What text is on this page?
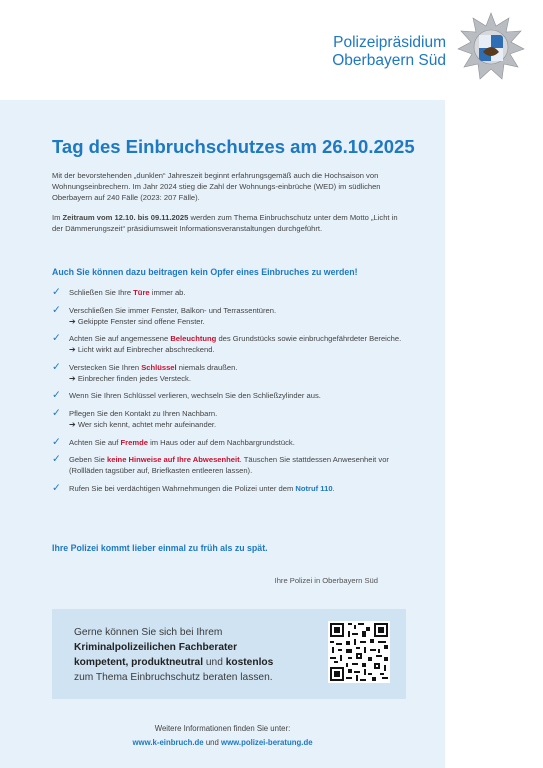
Polizeipräsidium
Oberbayern Süd
Tag des Einbruchschutzes am 26.10.2025

Mit der bevorstehenden „dunklen“ Jahreszeit beginnt erfahrungsgemäß auch die Hochsaison von Wohnungseinbrechern. Im Jahr 2024 stieg die Zahl der Wohnungs-einbrüche (WED) im südlichen Oberbayern auf 240 Fälle (2023: 207 Fälle).

Im Zeitraum vom 12.10. bis 09.11.2025 werden zum Thema Einbruchschutz unter dem Motto „Licht in der Dämmerungszeit“ präsidiumsweit Informationsveranstaltungen durchgeführt.

Auch Sie können dazu beitragen kein Opfer eines Einbruches zu werden!

✓ Schließen Sie Ihre Türe immer ab.
✓ Verschließen Sie immer Fenster, Balkon- und Terrassentüren.
➔ Gekippte Fenster sind offene Fenster.
✓ Achten Sie auf angemessene Beleuchtung des Grundstücks sowie einbruchgefährdeter Bereiche.
➔ Licht wirkt auf Einbrecher abschreckend.
✓ Verstecken Sie Ihren Schlüssel niemals draußen.
➔ Einbrecher finden jedes Versteck.
✓ Wenn Sie Ihren Schlüssel verlieren, wechseln Sie den Schließzylinder aus.
✓ Pflegen Sie den Kontakt zu Ihren Nachbarn.
➔ Wer sich kennt, achtet mehr aufeinander.
✓ Achten Sie auf Fremde im Haus oder auf dem Nachbargrundstück.
✓ Geben Sie keine Hinweise auf Ihre Abwesenheit. Täuschen Sie stattdessen Anwesenheit vor (Rollläden tagsüber auf, Briefkasten entleeren lassen).
✓ Rufen Sie bei verdächtigen Wahrnehmungen die Polizei unter dem Notruf 110.

Ihre Polizei kommt lieber einmal zu früh als zu spät.

Ihre Polizei in Oberbayern Süd

Gerne können Sie sich bei Ihrem
Kriminalpolizeilichen Fachberater
kompetent, produktneutral und kostenlos
zum Thema Einbruchschutz beraten lassen.

Weitere Informationen finden Sie unter:

www.k-einbruch.de und www.polizei-beratung.de
